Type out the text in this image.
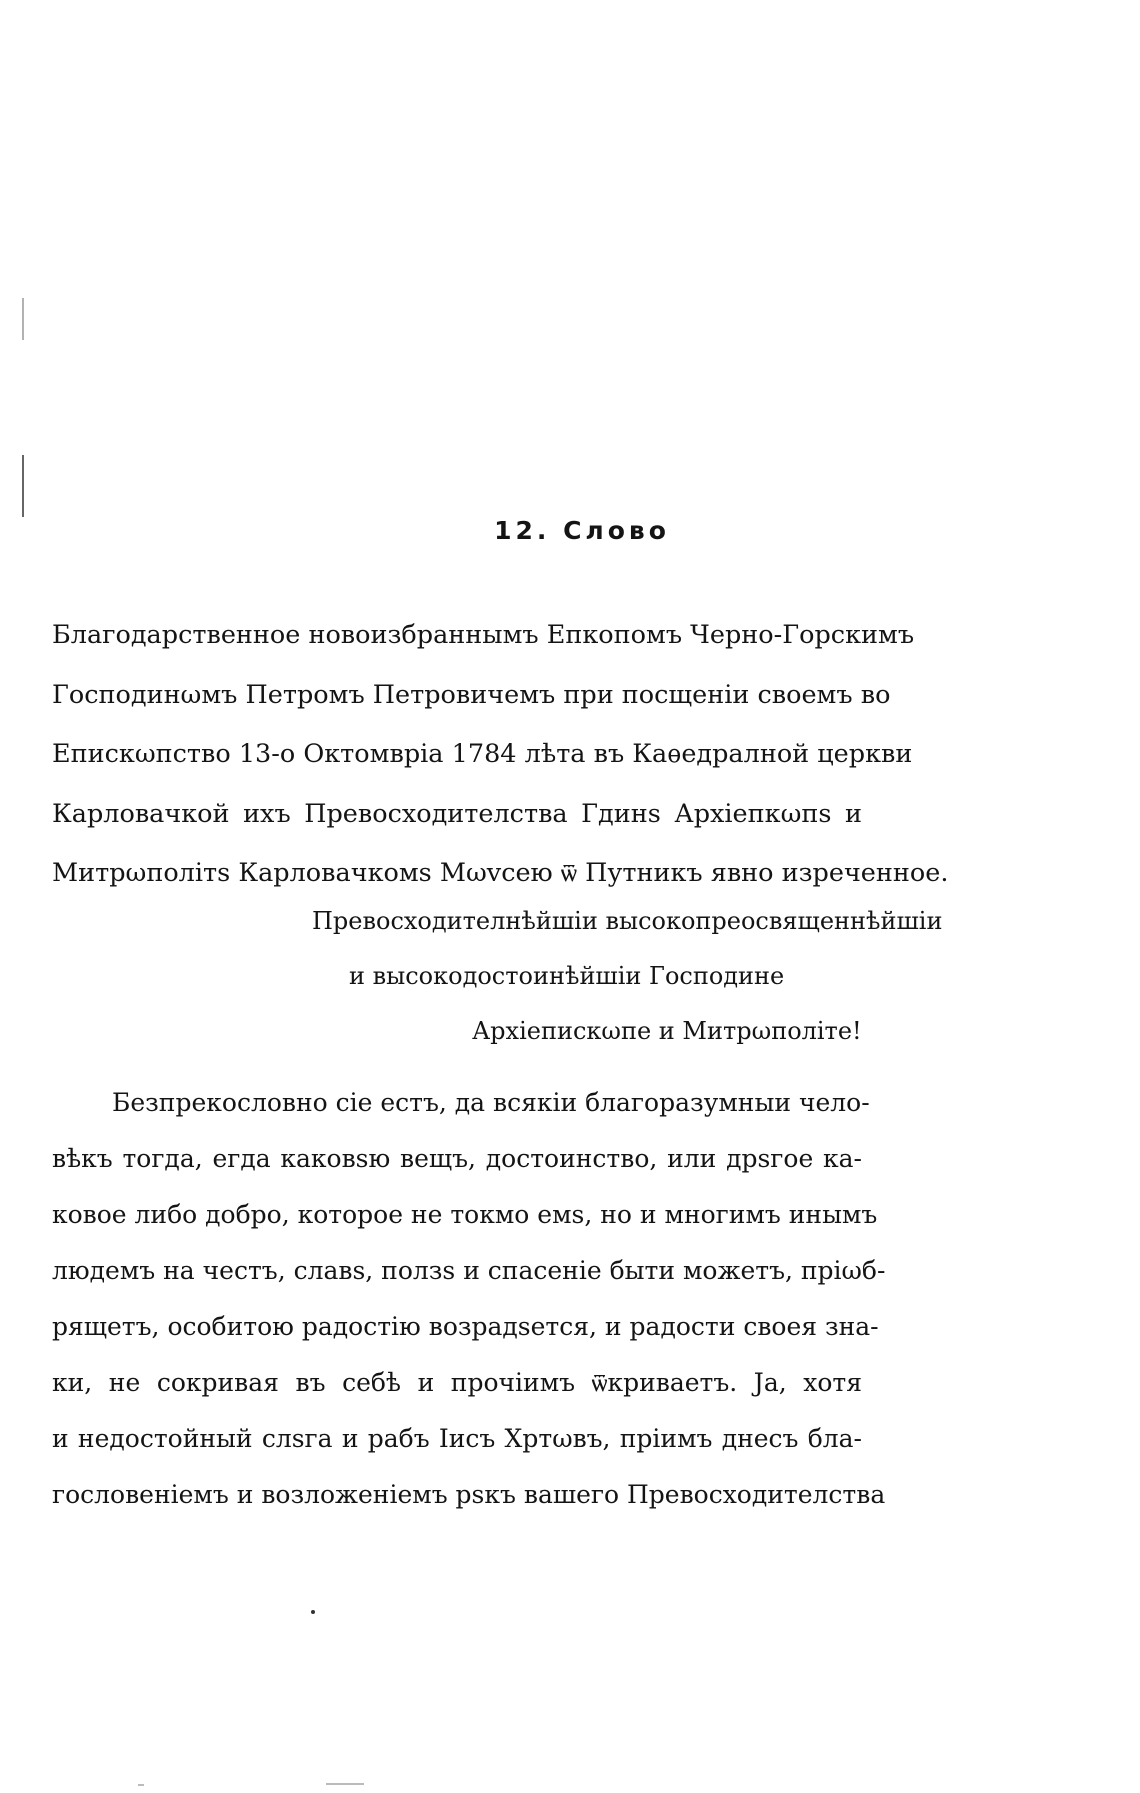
12. Слово
Благодарственное новоизбраннымъ Епкопомъ Черно-Горскимъ
Господинωмъ Петромъ Петровичемъ при посщеніи своемъ во
Епискωпство 13-о Октомвріа 1784 лѣта въ Каѳедралной церкви
Карловачкой ихъ Превосходителства Гдинѕ Архіепкωпѕ и
Митрωполітѕ Карловачкомѕ Мωvсею ѿ Путникъ явно изреченное.
Превосходителнѣйшіи высокопреосвященнѣйшіи
и высокодостоинѣйшіи Господине
Архіепискωпе и Митрωполіте!
Безпрекословно сіе естъ, да всякіи благоразумныи чело-
вѣкъ тогда, егда каковѕю вещъ, достоинство, или дрѕгое ка-
ковое либо добро, которое не токмо емѕ, но и многимъ инымъ
людемъ на честъ, славѕ, ползѕ и спасеніе быти можетъ, пріωб-
рящетъ, особитою радостію возрадѕется, и радости своея зна-
ки, не сокривая въ себѣ и прочіимъ ѿкриваетъ. Ја, хотя
и недостойный слѕга и рабъ Іисъ Хртωвъ, пріимъ днесъ бла-
гословеніемъ и возложеніемъ рѕкъ вашего Превосходителства
